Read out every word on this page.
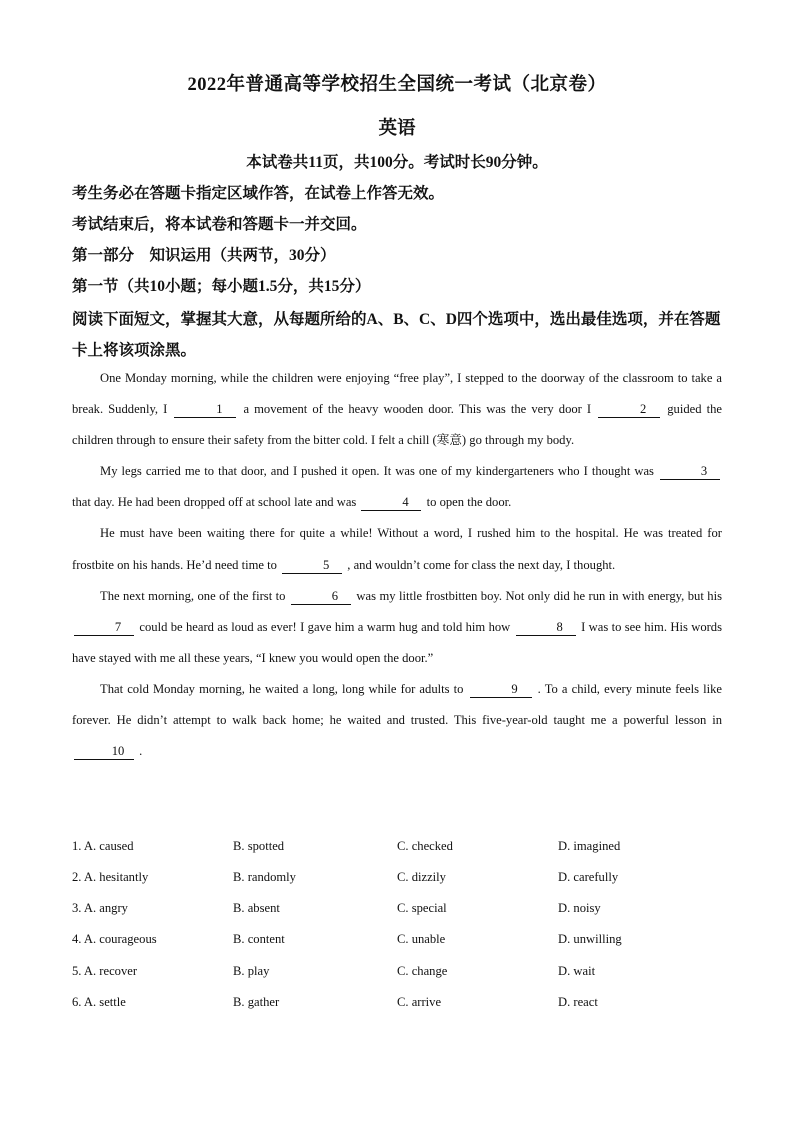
2022年普通高等学校招生全国统一考试（北京卷）
英语
本试卷共11页，共100分。考试时长90分钟。
考生务必在答题卡指定区域作答，在试卷上作答无效。
考试结束后，将本试卷和答题卡一并交回。
第一部分　知识运用（共两节，30分）
第一节（共10小题；每小题1.5分，共15分）
阅读下面短文，掌握其大意，从每题所给的A、B、C、D四个选项中，选出最佳选项，并在答题卡上将该项涂黑。

One Monday morning, while the children were enjoying “free play”, I stepped to the doorway of the classroom to take a break. Suddenly, I	1 a movement of the heavy wooden door. This was the very door I	2 guided the children through to ensure their safety from the bitter cold. I felt a chill (寒意) go through my body.

My legs carried me to that door, and I pushed it open. It was one of my kindergarteners who I thought was	3 that day. He had been dropped off at school late and was	4 to open the door.

He must have been waiting there for quite a while! Without a word, I rushed him to the hospital. He was treated for frostbite on his hands. He’d need time to	5 , and wouldn’t come for class the next day, I thought.

The next morning, one of the first to	6 was my little frostbitten boy. Not only did he run in with energy, but his 7 could be heard as loud as ever! I gave him a warm hug and told him how	8 I was to see him. His words have stayed with me all these years, “I knew you would open the door.”

That cold Monday morning, he waited a long, long while for adults to	9 . To a child, every minute feels like forever. He didn’t attempt to walk back home; he waited and trusted. This five-year-old taught me a powerful lesson in 10 .

1. A. caused	B. spotted	C. checked	D. imagined
2. A. hesitantly	B. randomly	C. dizzily	D. carefully
3. A. angry	B. absent	C. special	D. noisy
4. A. courageous	B. content	C. unable	D. unwilling
5. A. recover	B. play	C. change	D. wait
6. A. settle	B. gather	C. arrive	D. react
